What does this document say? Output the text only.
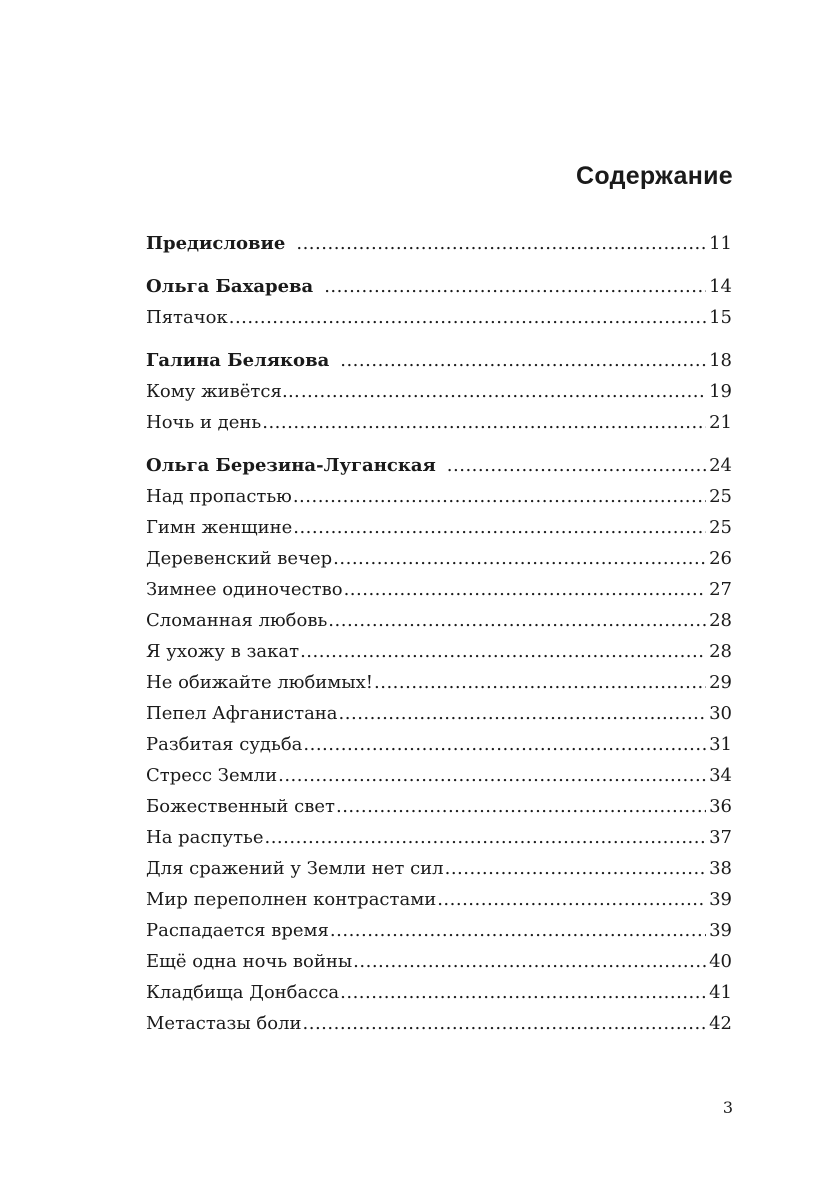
Содержание
Предисловие .....	11
Ольга Бахарева .....	14
Пятачок .....	15
Галина Белякова .....	18
Кому живётся… .....	19
Ночь и день .....	21
Ольга Березина-Луганская .....	24
Над пропастью .....	25
Гимн женщине .....	25
Деревенский вечер .....	26
Зимнее одиночество .....	27
Сломанная любовь .....	28
Я ухожу в закат .....	28
Не обижайте любимых! .....	29
Пепел Афганистана .....	30
Разбитая судьба .....	31
Стресс Земли .....	34
Божественный свет .....	36
На распутье .....	37
Для сражений у Земли нет сил .....	38
Мир переполнен контрастами .....	39
Распадается время .....	39
Ещё одна ночь войны .....	40
Кладбища Донбасса .....	41
Метастазы боли .....	42
3
